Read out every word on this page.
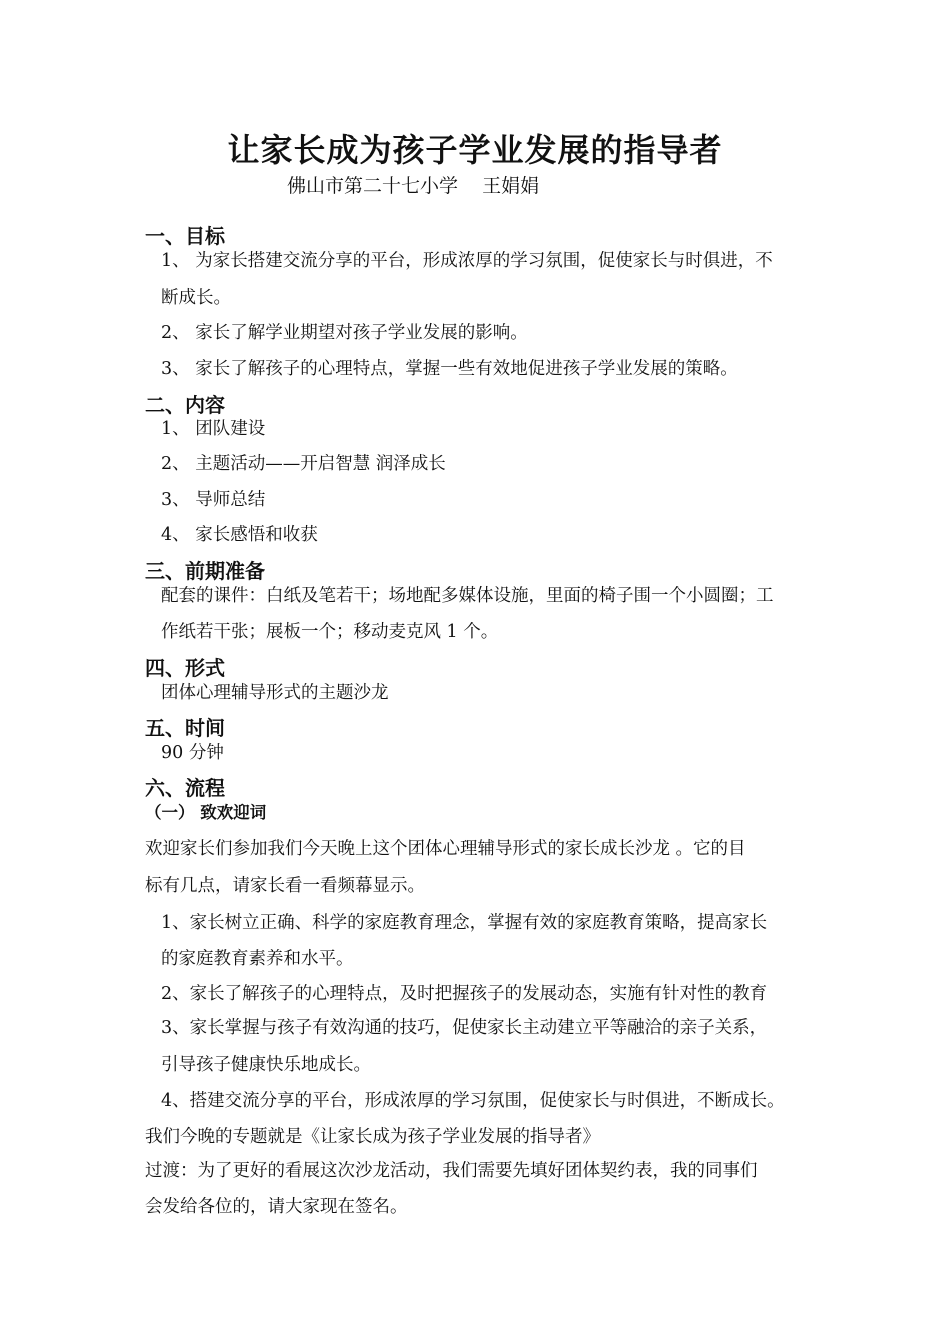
让家长成为孩子学业发展的指导者
佛山市第二十七小学    王娟娟
一、目标
1、 为家长搭建交流分享的平台，形成浓厚的学习氛围，促使家长与时俱进，不
断成长。
2、 家长了解学业期望对孩子学业发展的影响。
3、 家长了解孩子的心理特点，掌握一些有效地促进孩子学业发展的策略。
二、内容
1、 团队建设
2、 主题活动——开启智慧 润泽成长
3、 导师总结
4、 家长感悟和收获
三、前期准备
配套的课件：白纸及笔若干；场地配多媒体设施，里面的椅子围一个小圆圈；工
作纸若干张；展板一个；移动麦克风 1 个。
四、形式
团体心理辅导形式的主题沙龙
五、时间
90 分钟
六、流程
（一） 致欢迎词
欢迎家长们参加我们今天晚上这个团体心理辅导形式的家长成长沙龙 。它的目
标有几点，请家长看一看频幕显示。
1、家长树立正确、科学的家庭教育理念，掌握有效的家庭教育策略，提高家长
的家庭教育素养和水平。
2、家长了解孩子的心理特点，及时把握孩子的发展动态，实施有针对性的教育
3、家长掌握与孩子有效沟通的技巧，促使家长主动建立平等融洽的亲子关系，
引导孩子健康快乐地成长。
4、搭建交流分享的平台，形成浓厚的学习氛围，促使家长与时俱进，不断成长。
我们今晚的专题就是《让家长成为孩子学业发展的指导者》
过渡：为了更好的看展这次沙龙活动，我们需要先填好团体契约表，我的同事们
会发给各位的，请大家现在签名。
